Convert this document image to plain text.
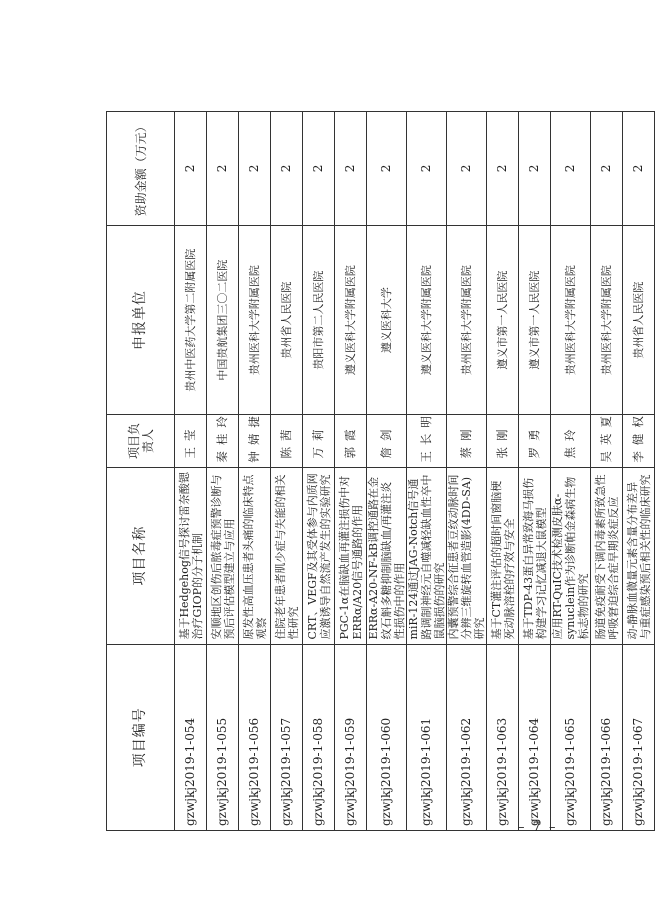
项目编号	项目名称	项目负责人	申报单位	资助金额（万元）
gzwjkj2019-1-054	基于Hedgehog信号探讨雷奈酸锶治疗GIOP的分子机制	王莹	贵州中医药大学第二附属医院	2
gzwjkj2019-1-055	安顺地区创伤后脓毒症预警诊断与预后评估模型建立与应用	秦桂玲	中国贵航集团三〇二医院	2
gzwjkj2019-1-056	原发性高血压患者头痛的临床特点观察	钟婧捷	贵州医科大学附属医院	2
gzwjkj2019-1-057	住院老年患者肌少症与失能的相关性研究	陈茜	贵州省人民医院	2
gzwjkj2019-1-058	CRT、VEGF及其受体参与内质网应激诱导自然流产发生的实验研究	万莉	贵阳市第二人民医院	2
gzwjkj2019-1-059	PGC-1α在脑缺血再灌注损伤中对ERRα/A20信号通路的作用	郭霞	遵义医科大学附属医院	2
gzwjkj2019-1-060	ERRα-A20-NF-kB调控通路在金纹石斛多糖抑制脑缺血/再灌注炎性损伤中的作用	詹剑	遵义医科大学	2
gzwjkj2019-1-061	miR-124通过JAG-Notch信号通路调制神经元自噬减轻缺血性卒中鼠脑损伤的研究	王长明	遵义医科大学附属医院	2
gzwjkj2019-1-062	内囊预警综合征患者豆纹动脉时间分辨三维旋转血管造影(4DD-SA)研究	蔡刚	贵州医科大学附属医院	2
gzwjkj2019-1-063	基于CT灌注评估的超时间窗脑梗死动脉溶栓的疗效与安全	张刚	遵义市第一人民医院	2
gzwjkj2019-1-064	基于TDP-43蛋白异常致海马损伤构建学习记忆减退大鼠模型	罗勇	遵义市第一人民医院	2
gzwjkj2019-1-065	应用RT-QuIC技术检测皮肤α-synuclein作为诊断帕金森病生物标志物的研究	焦玲	贵州医科大学附属医院	2
gzwjkj2019-1-066	肠道免疫耐受下调内毒素所致急性呼吸窘迫综合症早期炎症反应	吴英夏	贵州医科大学附属医院	2
gzwjkj2019-1-067	动-静脉血微量元素含量分布差异与重症感染预后相关性的临床研究	李健权	贵州省人民医院	2
– 7 –
